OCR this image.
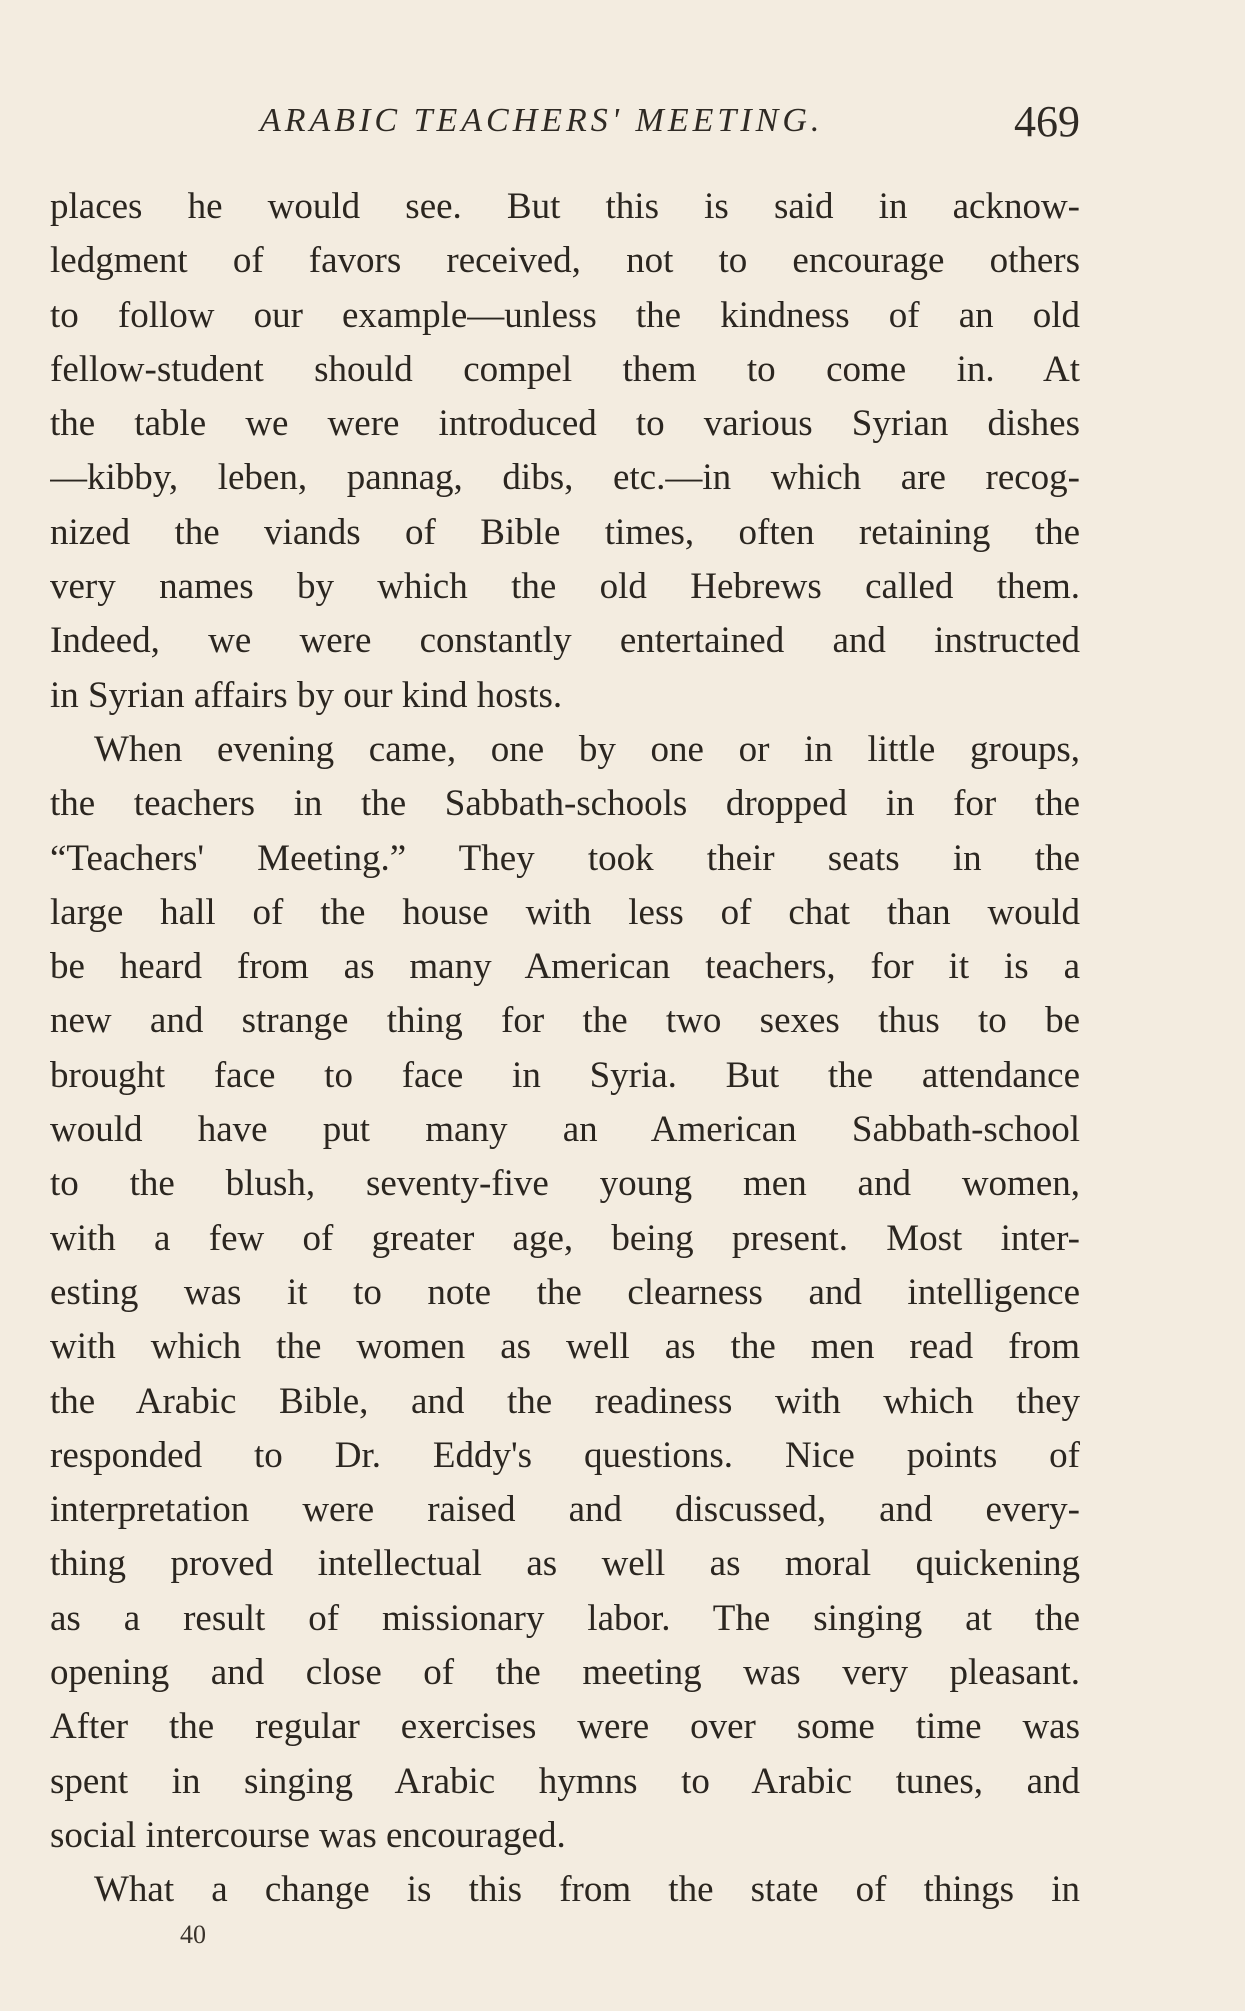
ARABIC TEACHERS' MEETING.	469
places he would see. But this is said in acknow-
ledgment of favors received, not to encourage others
to follow our example—unless the kindness of an old
fellow-student should compel them to come in. At
the table we were introduced to various Syrian dishes
—kibby, leben, pannag, dibs, etc.—in which are recog-
nized the viands of Bible times, often retaining the
very names by which the old Hebrews called them.
Indeed, we were constantly entertained and instructed
in Syrian affairs by our kind hosts.
When evening came, one by one or in little groups,
the teachers in the Sabbath-schools dropped in for the
“Teachers' Meeting.” They took their seats in the
large hall of the house with less of chat than would
be heard from as many American teachers, for it is a
new and strange thing for the two sexes thus to be
brought face to face in Syria. But the attendance
would have put many an American Sabbath-school
to the blush, seventy-five young men and women,
with a few of greater age, being present. Most inter-
esting was it to note the clearness and intelligence
with which the women as well as the men read from
the Arabic Bible, and the readiness with which they
responded to Dr. Eddy's questions. Nice points of
interpretation were raised and discussed, and every-
thing proved intellectual as well as moral quickening
as a result of missionary labor. The singing at the
opening and close of the meeting was very pleasant.
After the regular exercises were over some time was
spent in singing Arabic hymns to Arabic tunes, and
social intercourse was encouraged.
What a change is this from the state of things in
40
